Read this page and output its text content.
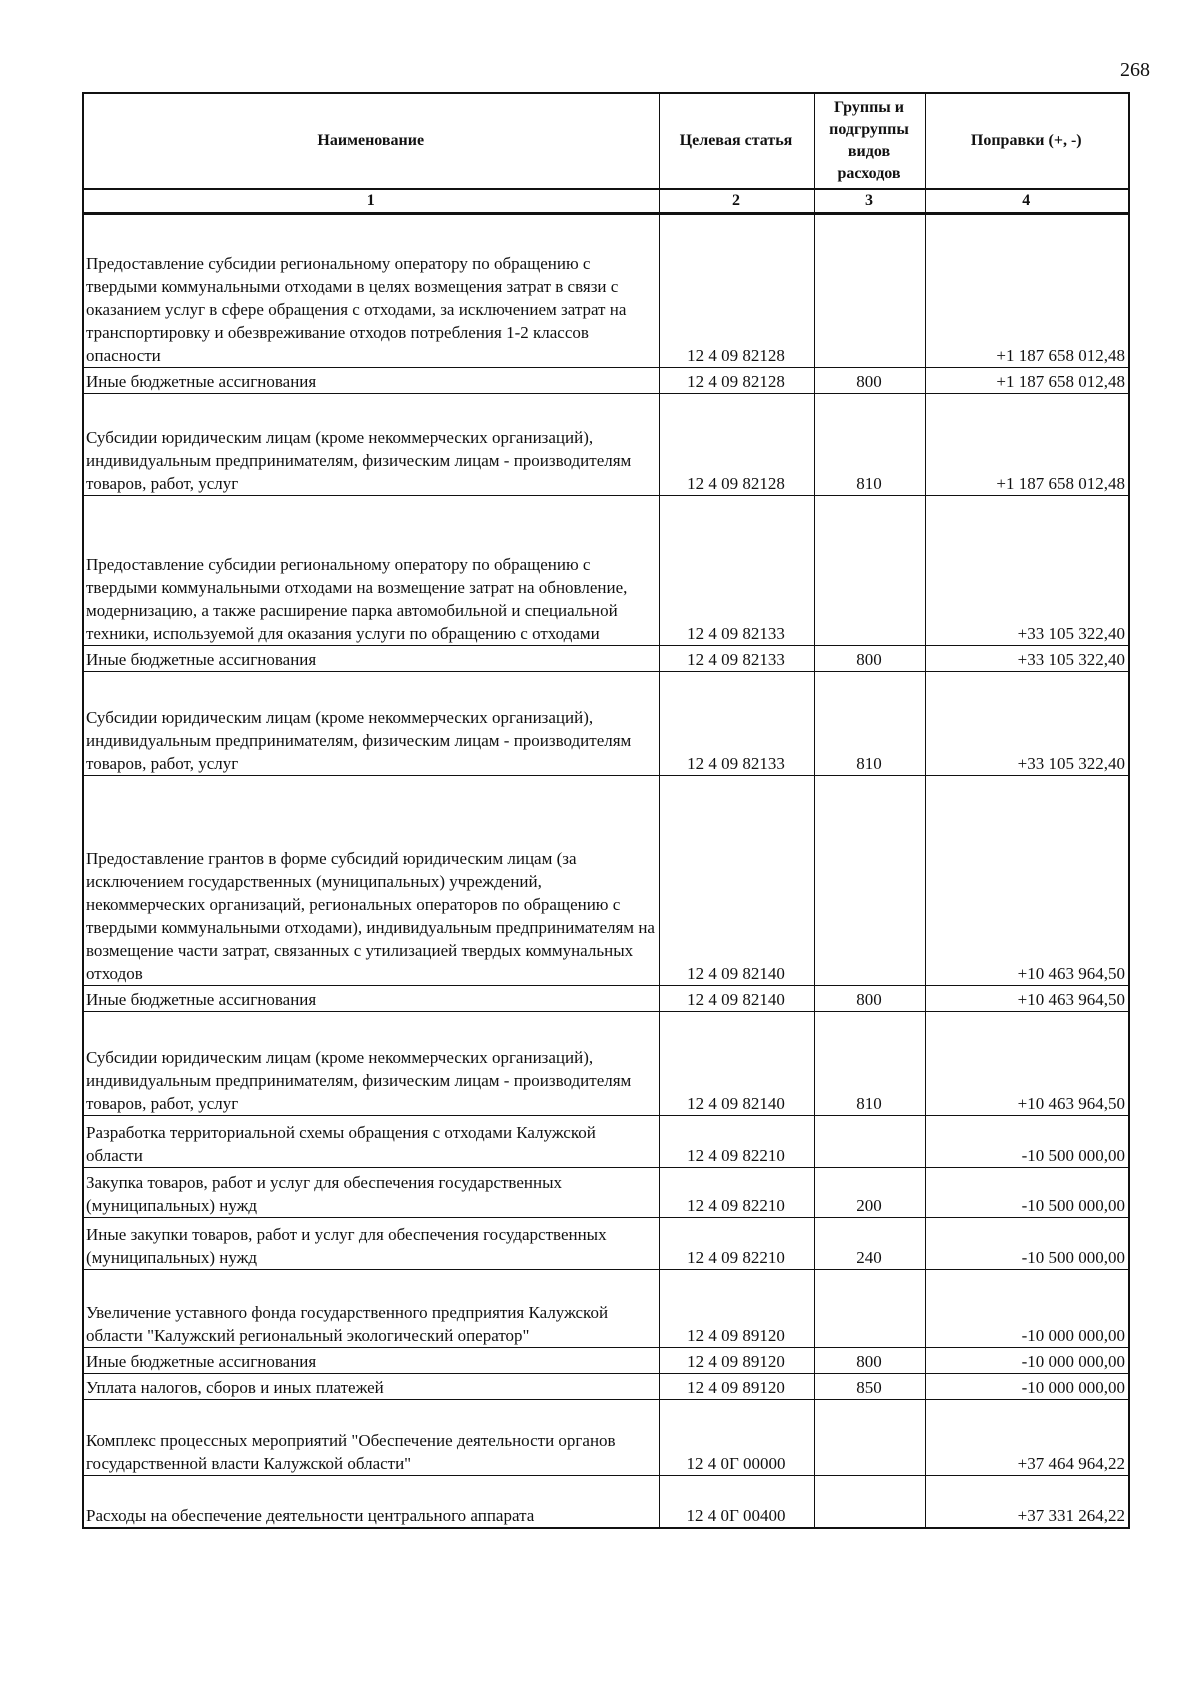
268
Наименование	Целевая статья	Группы и подгруппы видов расходов	Поправки (+, -)
1	2	3	4
Предоставление субсидии региональному оператору по обращению с твердыми коммунальными отходами в целях возмещения затрат в связи с оказанием услуг в сфере обращения с отходами, за исключением затрат на транспортировку и обезвреживание отходов потребления 1-2 классов опасности	12 4 09 82128		+1 187 658 012,48
Иные бюджетные ассигнования	12 4 09 82128	800	+1 187 658 012,48
Субсидии юридическим лицам (кроме некоммерческих организаций), индивидуальным предпринимателям, физическим лицам - производителям товаров, работ, услуг	12 4 09 82128	810	+1 187 658 012,48
Предоставление субсидии региональному оператору по обращению с твердыми коммунальными отходами на возмещение затрат на обновление, модернизацию, а также расширение парка автомобильной и специальной техники, используемой для оказания услуги по обращению с отходами	12 4 09 82133		+33 105 322,40
Иные бюджетные ассигнования	12 4 09 82133	800	+33 105 322,40
Субсидии юридическим лицам (кроме некоммерческих организаций), индивидуальным предпринимателям, физическим лицам - производителям товаров, работ, услуг	12 4 09 82133	810	+33 105 322,40
Предоставление грантов в форме субсидий юридическим лицам (за исключением государственных (муниципальных) учреждений, некоммерческих организаций, региональных операторов по обращению с твердыми коммунальными отходами), индивидуальным предпринимателям на возмещение части затрат, связанных с утилизацией твердых коммунальных отходов	12 4 09 82140		+10 463 964,50
Иные бюджетные ассигнования	12 4 09 82140	800	+10 463 964,50
Субсидии юридическим лицам (кроме некоммерческих организаций), индивидуальным предпринимателям, физическим лицам - производителям товаров, работ, услуг	12 4 09 82140	810	+10 463 964,50
Разработка территориальной схемы обращения с отходами Калужской области	12 4 09 82210		-10 500 000,00
Закупка товаров, работ и услуг для обеспечения государственных (муниципальных) нужд	12 4 09 82210	200	-10 500 000,00
Иные закупки товаров, работ и услуг для обеспечения государственных (муниципальных) нужд	12 4 09 82210	240	-10 500 000,00
Увеличение уставного фонда государственного предприятия Калужской области "Калужский региональный экологический оператор"	12 4 09 89120		-10 000 000,00
Иные бюджетные ассигнования	12 4 09 89120	800	-10 000 000,00
Уплата налогов, сборов и иных платежей	12 4 09 89120	850	-10 000 000,00
Комплекс процессных мероприятий "Обеспечение деятельности органов государственной власти Калужской области"	12 4 0Г 00000		+37 464 964,22
Расходы на обеспечение деятельности центрального аппарата	12 4 0Г 00400		+37 331 264,22
